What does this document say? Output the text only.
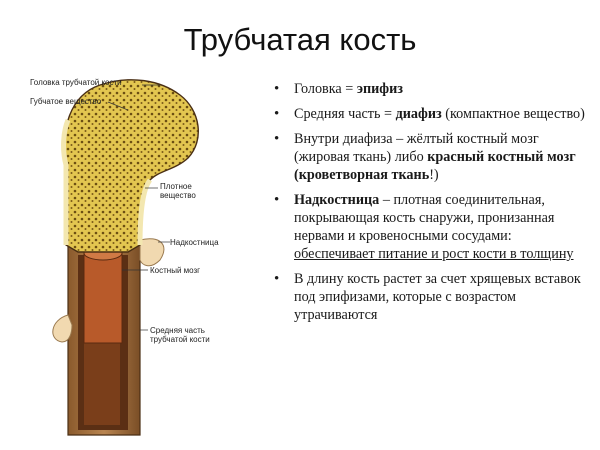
Трубчатая кость
Головка трубчатой кости
Губчатое вещество
Плотное
вещество
Надкостница
Костный мозг
Средняя часть
трубчатой кости
• Головка = эпифиз
• Средняя часть = диафиз (компактное вещество)
• Внутри диафиза – жёлтый костный мозг (жировая ткань) либо красный костный мозг (кроветворная ткань!)
• Надкостница – плотная соединительная, покрывающая кость снаружи, пронизанная нервами и кровеносными сосудами: обеспечивает питание и рост кости в толщину
• В длину кость растет за счет хрящевых вставок под эпифизами, которые с возрастом утрачиваются
